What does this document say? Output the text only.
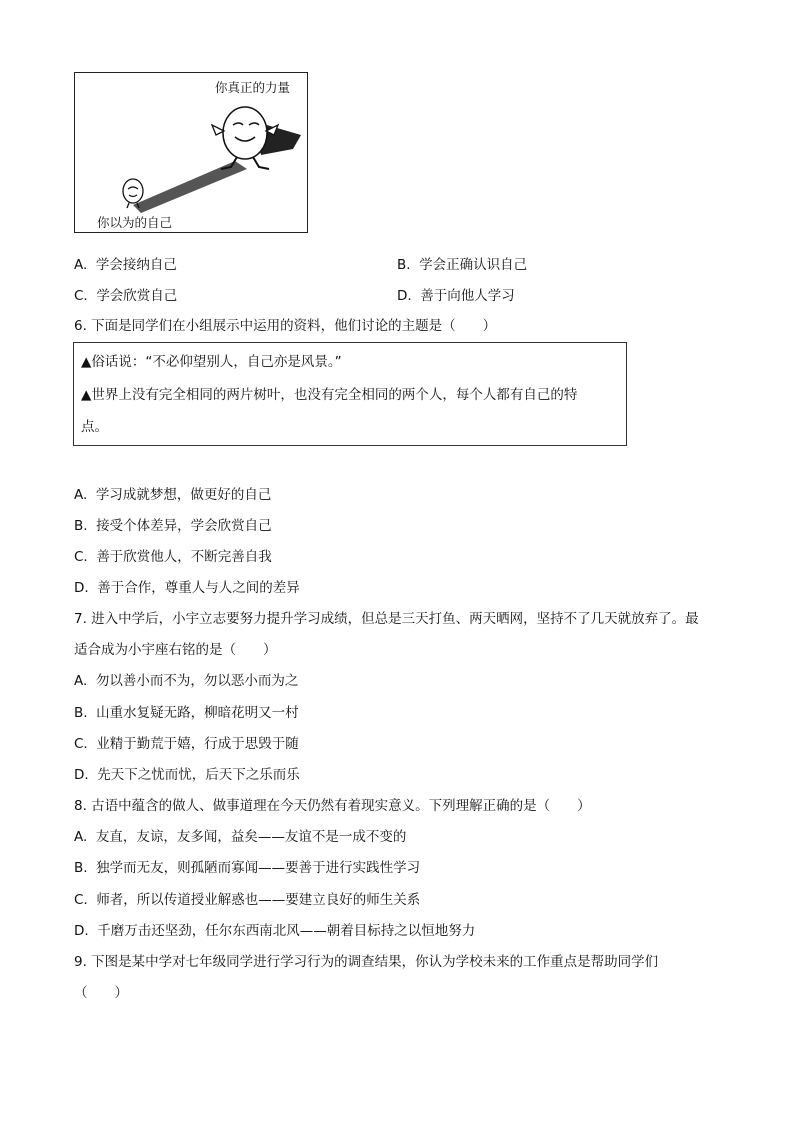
你真正的力量
你以为的自己
A. 学会接纳自己	B. 学会正确认识自己
C. 学会欣赏自己	D. 善于向他人学习
6. 下面是同学们在小组展示中运用的资料，他们讨论的主题是（　　）
▲俗话说：“不必仰望别人，自己亦是风景。”
▲世界上没有完全相同的两片树叶，也没有完全相同的两个人，每个人都有自己的特
点。
A. 学习成就梦想，做更好的自己
B. 接受个体差异，学会欣赏自己
C. 善于欣赏他人，不断完善自我
D. 善于合作，尊重人与人之间的差异
7. 进入中学后，小宇立志要努力提升学习成绩，但总是三天打鱼、两天晒网，坚持不了几天就放弃了。最
适合成为小宇座右铭的是（　　）
A. 勿以善小而不为，勿以恶小而为之
B. 山重水复疑无路，柳暗花明又一村
C. 业精于勤荒于嬉，行成于思毁于随
D. 先天下之忧而忧，后天下之乐而乐
8. 古语中蕴含的做人、做事道理在今天仍然有着现实意义。下列理解正确的是（　　）
A. 友直，友谅，友多闻，益矣——友谊不是一成不变的
B. 独学而无友，则孤陋而寡闻——要善于进行实践性学习
C. 师者，所以传道授业解惑也——要建立良好的师生关系
D. 千磨万击还坚劲，任尔东西南北风——朝着目标持之以恒地努力
9. 下图是某中学对七年级同学进行学习行为的调查结果，你认为学校未来的工作重点是帮助同学们
（　　）
